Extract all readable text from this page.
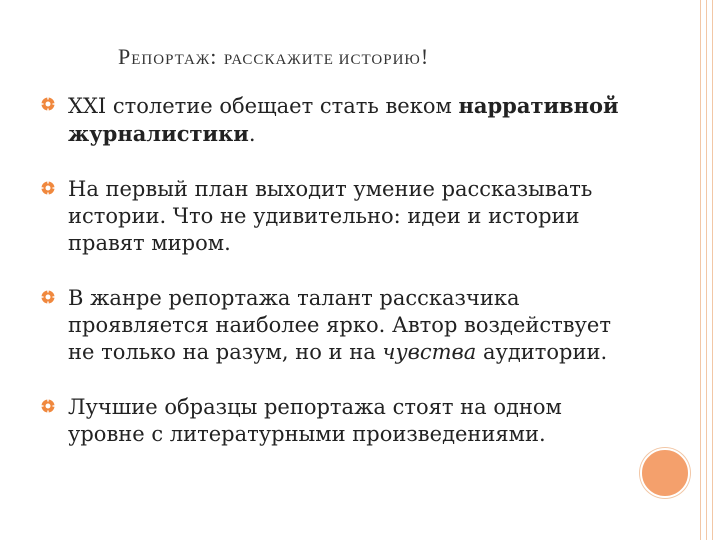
РЕПОРТАЖ: РАССКАЖИТЕ ИСТОРИЮ!
XXI столетие обещает стать веком нарративной журналистики.
На первый план выходит умение рассказывать истории. Что не удивительно: идеи и истории правят миром.
В жанре репортажа талант рассказчика проявляется наиболее ярко. Автор воздействует не только на разум, но и на чувства аудитории.
Лучшие образцы репортажа стоят на одном уровне с литературными произведениями.
